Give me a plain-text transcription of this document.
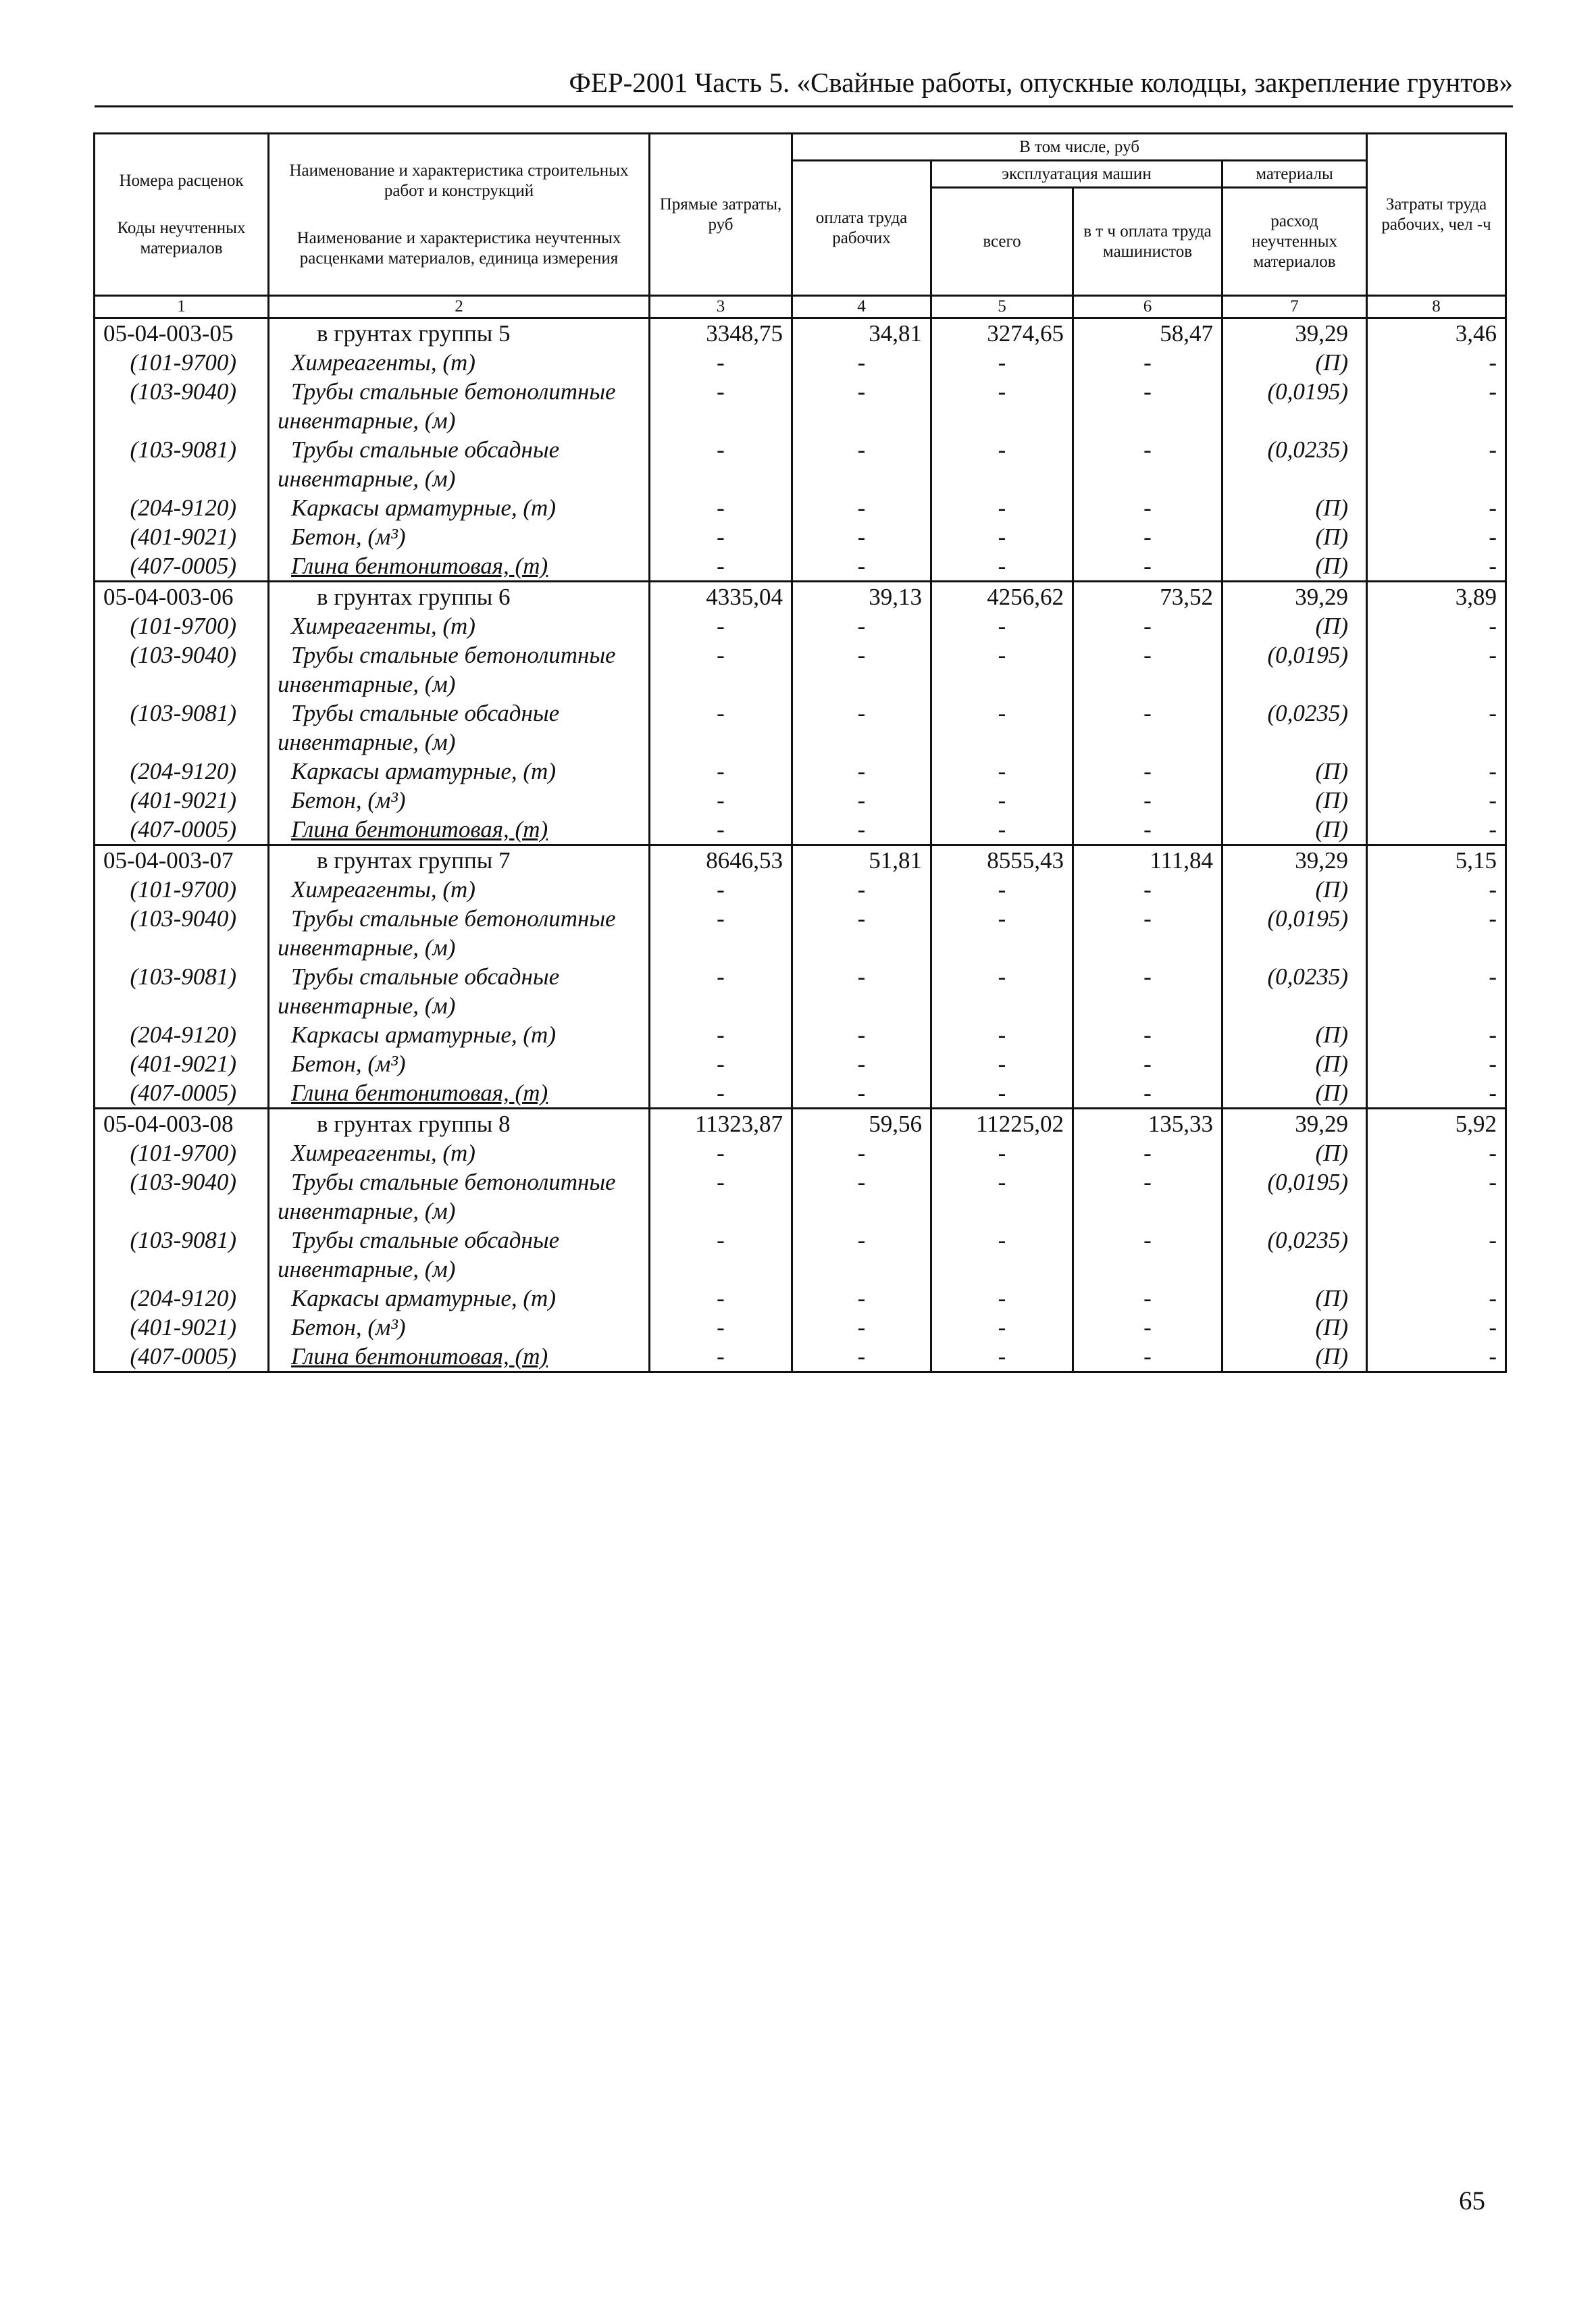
ФЕР-2001 Часть 5. «Свайные работы, опускные колодцы, закрепление грунтов»
Номера расценок
Коды неучтенных материалов	Наименование и характеристика строительных работ и конструкций
Наименование и характеристика неучтенных расценками материалов, единица измерения	Прямые затраты, руб	В том числе, руб				Затраты труда рабочих, чел -ч
			оплата труда рабочих	эксплуатация машин		материалы	
				всего	в т ч оплата труда машинистов	расход неучтенных материалов	
1	2	3	4	5	6	7	8
05-04-003-05	в грунтах группы 5	3348,75	34,81	3274,65	58,47	39,29	3,46
(101-9700)	Химреагенты, (т)	-	-	-	-	(П)	-
(103-9040)	Трубы стальные бетонолитные
инвентарные, (м)	-	-	-	-	(0,0195)	-
(103-9081)	Трубы стальные обсадные
инвентарные, (м)	-	-	-	-	(0,0235)	-
(204-9120)	Каркасы арматурные, (т)	-	-	-	-	(П)	-
(401-9021)	Бетон, (м³)	-	-	-	-	(П)	-
(407-0005)	Глина бентонитовая, (т)	-	-	-	-	(П)	-
05-04-003-06	в грунтах группы 6	4335,04	39,13	4256,62	73,52	39,29	3,89
(101-9700)	Химреагенты, (т)	-	-	-	-	(П)	-
(103-9040)	Трубы стальные бетонолитные
инвентарные, (м)	-	-	-	-	(0,0195)	-
(103-9081)	Трубы стальные обсадные
инвентарные, (м)	-	-	-	-	(0,0235)	-
(204-9120)	Каркасы арматурные, (т)	-	-	-	-	(П)	-
(401-9021)	Бетон, (м³)	-	-	-	-	(П)	-
(407-0005)	Глина бентонитовая, (т)	-	-	-	-	(П)	-
05-04-003-07	в грунтах группы 7	8646,53	51,81	8555,43	111,84	39,29	5,15
(101-9700)	Химреагенты, (т)	-	-	-	-	(П)	-
(103-9040)	Трубы стальные бетонолитные
инвентарные, (м)	-	-	-	-	(0,0195)	-
(103-9081)	Трубы стальные обсадные
инвентарные, (м)	-	-	-	-	(0,0235)	-
(204-9120)	Каркасы арматурные, (т)	-	-	-	-	(П)	-
(401-9021)	Бетон, (м³)	-	-	-	-	(П)	-
(407-0005)	Глина бентонитовая, (т)	-	-	-	-	(П)	-
05-04-003-08	в грунтах группы 8	11323,87	59,56	11225,02	135,33	39,29	5,92
(101-9700)	Химреагенты, (т)	-	-	-	-	(П)	-
(103-9040)	Трубы стальные бетонолитные
инвентарные, (м)	-	-	-	-	(0,0195)	-
(103-9081)	Трубы стальные обсадные
инвентарные, (м)	-	-	-	-	(0,0235)	-
(204-9120)	Каркасы арматурные, (т)	-	-	-	-	(П)	-
(401-9021)	Бетон, (м³)	-	-	-	-	(П)	-
(407-0005)	Глина бентонитовая, (т)	-	-	-	-	(П)	-
65
